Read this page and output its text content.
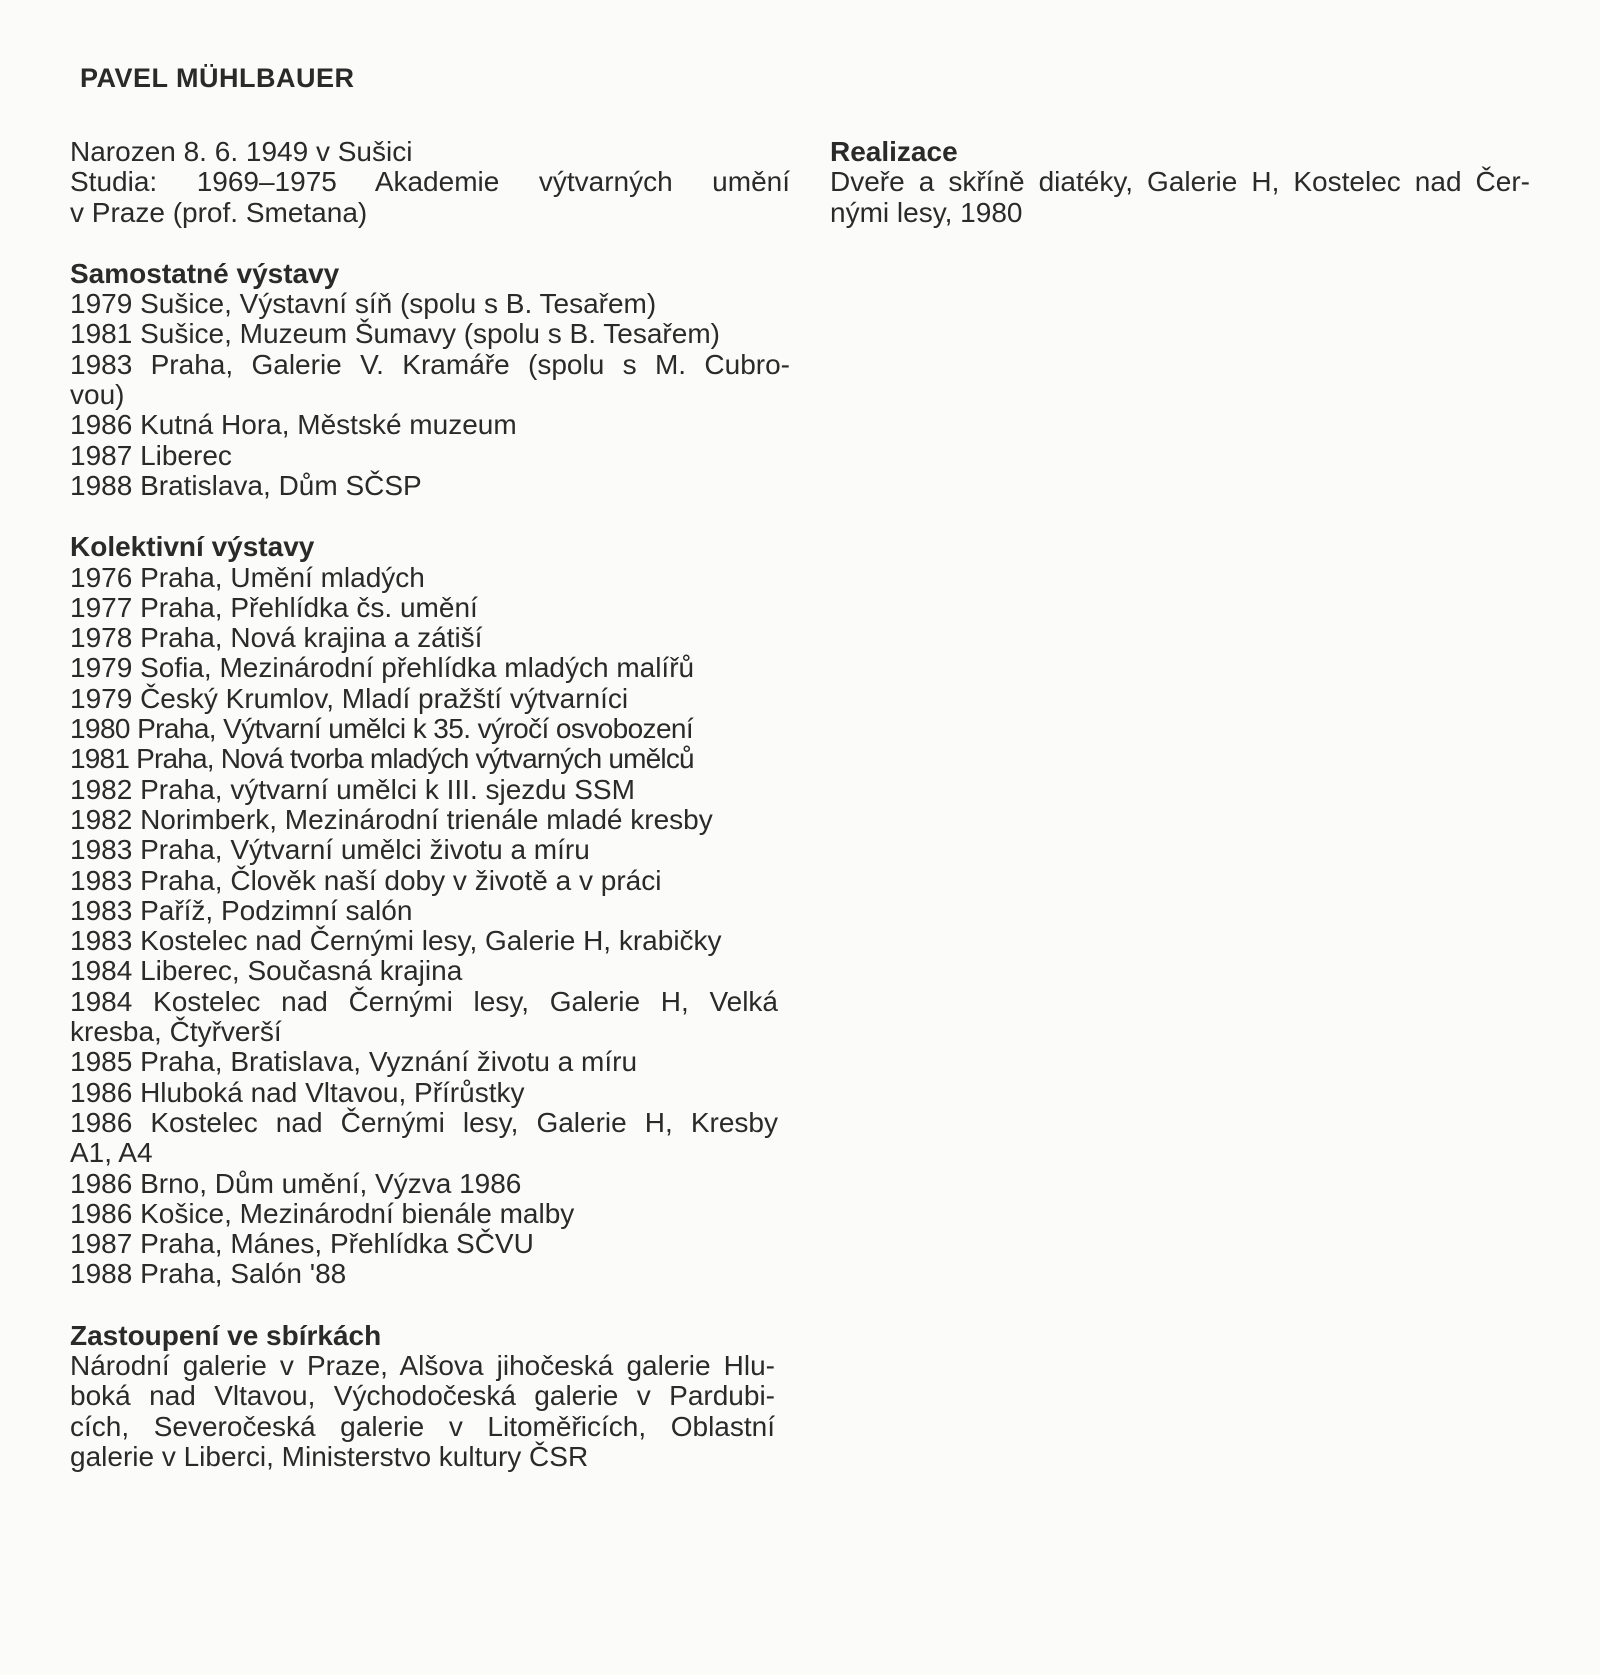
PAVEL MÜHLBAUER
Narozen 8. 6. 1949 v Sušici
Studia: 1969–1975 Akademie výtvarných umění
v Praze (prof. Smetana)
Samostatné výstavy
1979 Sušice, Výstavní síň (spolu s B. Tesařem)
1981 Sušice, Muzeum Šumavy (spolu s B. Tesařem)
1983 Praha, Galerie V. Kramáře (spolu s M. Cubro-
vou)
1986 Kutná Hora, Městské muzeum
1987 Liberec
1988 Bratislava, Dům SČSP
Kolektivní výstavy
1976 Praha, Umění mladých
1977 Praha, Přehlídka čs. umění
1978 Praha, Nová krajina a zátiší
1979 Sofia, Mezinárodní přehlídka mladých malířů
1979 Český Krumlov, Mladí pražští výtvarníci
1980 Praha, Výtvarní umělci k 35. výročí osvobození
1981 Praha, Nová tvorba mladých výtvarných umělců
1982 Praha, výtvarní umělci k III. sjezdu SSM
1982 Norimberk, Mezinárodní trienále mladé kresby
1983 Praha, Výtvarní umělci životu a míru
1983 Praha, Člověk naší doby v životě a v práci
1983 Paříž, Podzimní salón
1983 Kostelec nad Černými lesy, Galerie H, krabičky
1984 Liberec, Současná krajina
1984 Kostelec nad Černými lesy, Galerie H, Velká
kresba, Čtyřverší
1985 Praha, Bratislava, Vyznání životu a míru
1986 Hluboká nad Vltavou, Přírůstky
1986 Kostelec nad Černými lesy, Galerie H, Kresby
A1, A4
1986 Brno, Dům umění, Výzva 1986
1986 Košice, Mezinárodní bienále malby
1987 Praha, Mánes, Přehlídka SČVU
1988 Praha, Salón '88
Zastoupení ve sbírkách
Národní galerie v Praze, Alšova jihočeská galerie Hlu-
boká nad Vltavou, Východočeská galerie v Pardubi-
cích, Severočeská galerie v Litoměřicích, Oblastní
galerie v Liberci, Ministerstvo kultury ČSR
Realizace
Dveře a skříně diatéky, Galerie H, Kostelec nad Čer-
nými lesy, 1980
